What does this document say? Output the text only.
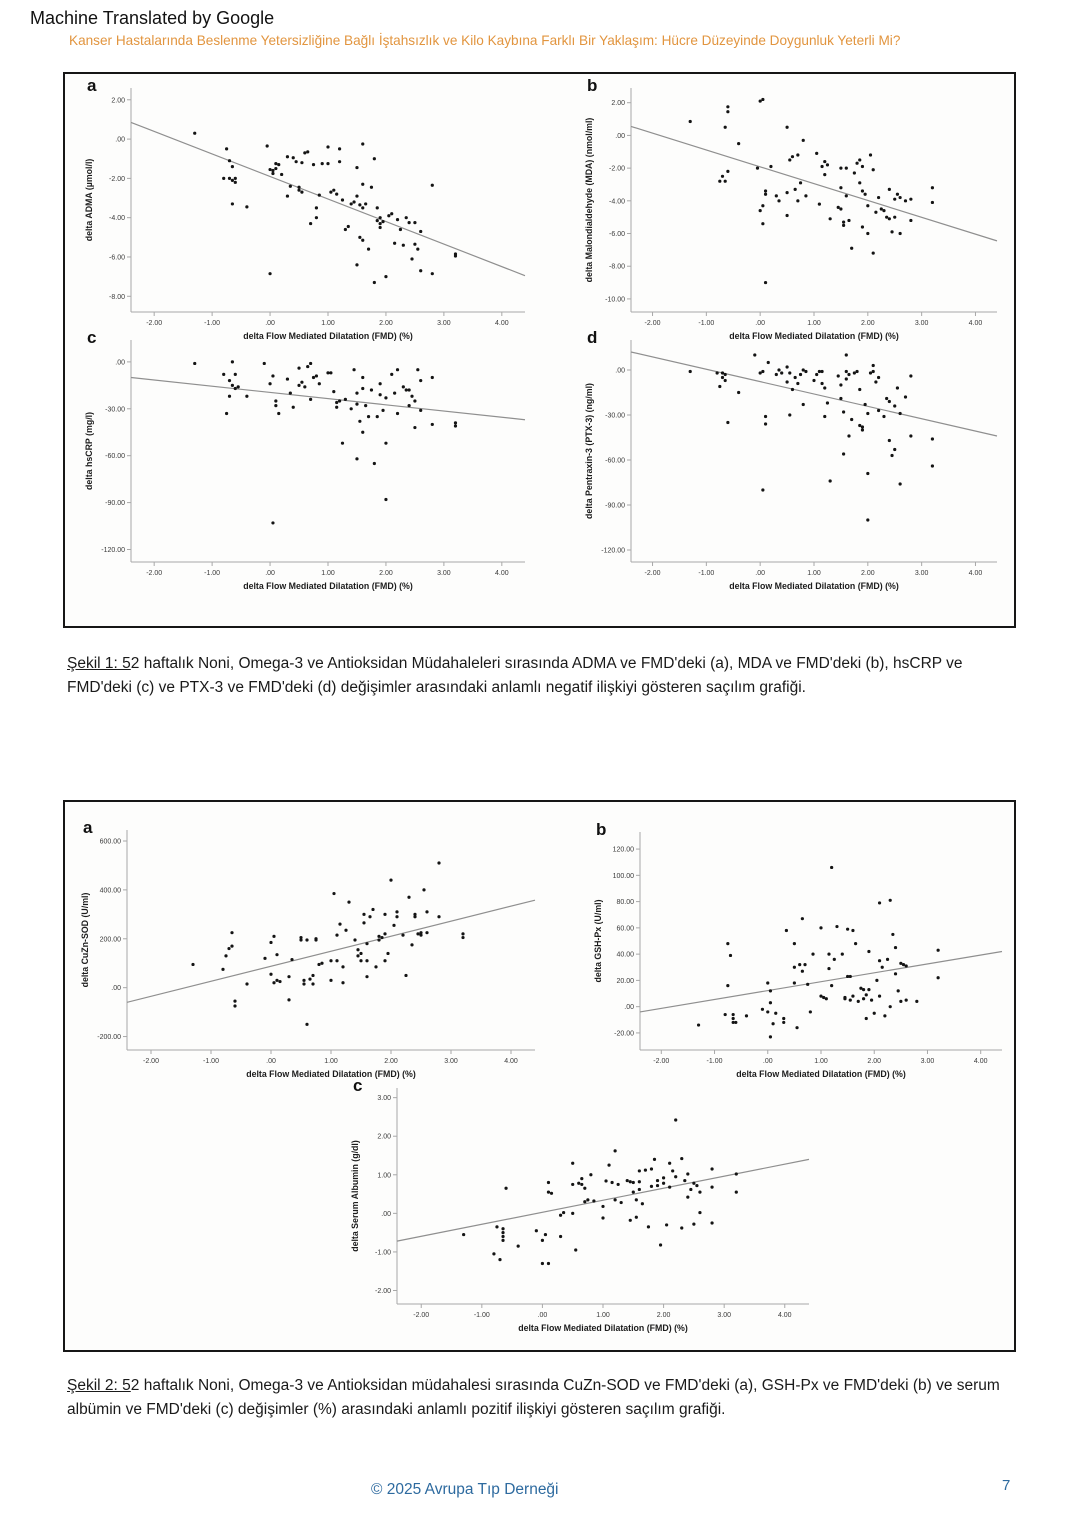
Machine Translated by Google
Kanser Hastalarında Beslenme Yetersizliğine Bağlı İştahsızlık ve Kilo Kaybına Farklı Bir Yaklaşım: Hücre Düzeyinde Doygunluk Yeterli Mi?
a
2.00
.00
-2.00
-4.00
-6.00
-8.00
-2.00	-1.00	.00	1.00	2.00	3.00	4.00
delta Flow Mediated Dilatation (FMD) (%)
delta ADMA (µmol/l)
b
2.00
.00
-2.00
-4.00
-6.00
-8.00
-10.00
-2.00	-1.00	.00	1.00	2.00	3.00	4.00
delta Flow Mediated Dilatation (FMD) (%)
delta Malondialdehyde (MDA) (nmol/ml)
c
.00
-30.00
-60.00
-90.00
-120.00
-2.00	-1.00	.00	1.00	2.00	3.00	4.00
delta Flow Mediated Dilatation (FMD) (%)
delta hsCRP (mg/l)
d
.00
-30.00
-60.00
-90.00
-120.00
-2.00	-1.00	.00	1.00	2.00	3.00	4.00
delta Flow Mediated Dilatation (FMD) (%)
delta Pentraxin-3 (PTX-3) (ng/ml)

Şekil 1: 52 haftalık Noni, Omega-3 ve Antioksidan Müdahaleleri sırasında ADMA ve FMD'deki (a), MDA ve FMD'deki (b), hsCRP ve FMD'deki (c) ve PTX-3 ve FMD'deki (d) değişimler arasındaki anlamlı negatif ilişkiyi gösteren saçılım grafiği.

a
600.00
400.00
200.00
.00
-200.00
-2.00	-1.00	.00	1.00	2.00	3.00	4.00
delta Flow Mediated Dilatation (FMD) (%)
delta CuZn-SOD (U/ml)
b
120.00
100.00
80.00
60.00
40.00
20.00
.00
-20.00
-2.00	-1.00	.00	1.00	2.00	3.00	4.00
delta Flow Mediated Dilatation (FMD) (%)
delta GSH-Px (U/ml)
c
3.00
2.00
1.00
.00
-1.00
-2.00
-2.00	-1.00	.00	1.00	2.00	3.00	4.00
delta Flow Mediated Dilatation (FMD) (%)
delta Serum Albumin (g/dl)

Şekil 2: 52 haftalık Noni, Omega-3 ve Antioksidan müdahalesi sırasında CuZn-SOD ve FMD'deki (a), GSH-Px ve FMD'deki (b) ve serum albümin ve FMD'deki (c) değişimler (%) arasındaki anlamlı pozitif ilişkiyi gösteren saçılım grafiği.

© 2025 Avrupa Tıp Derneği	7
